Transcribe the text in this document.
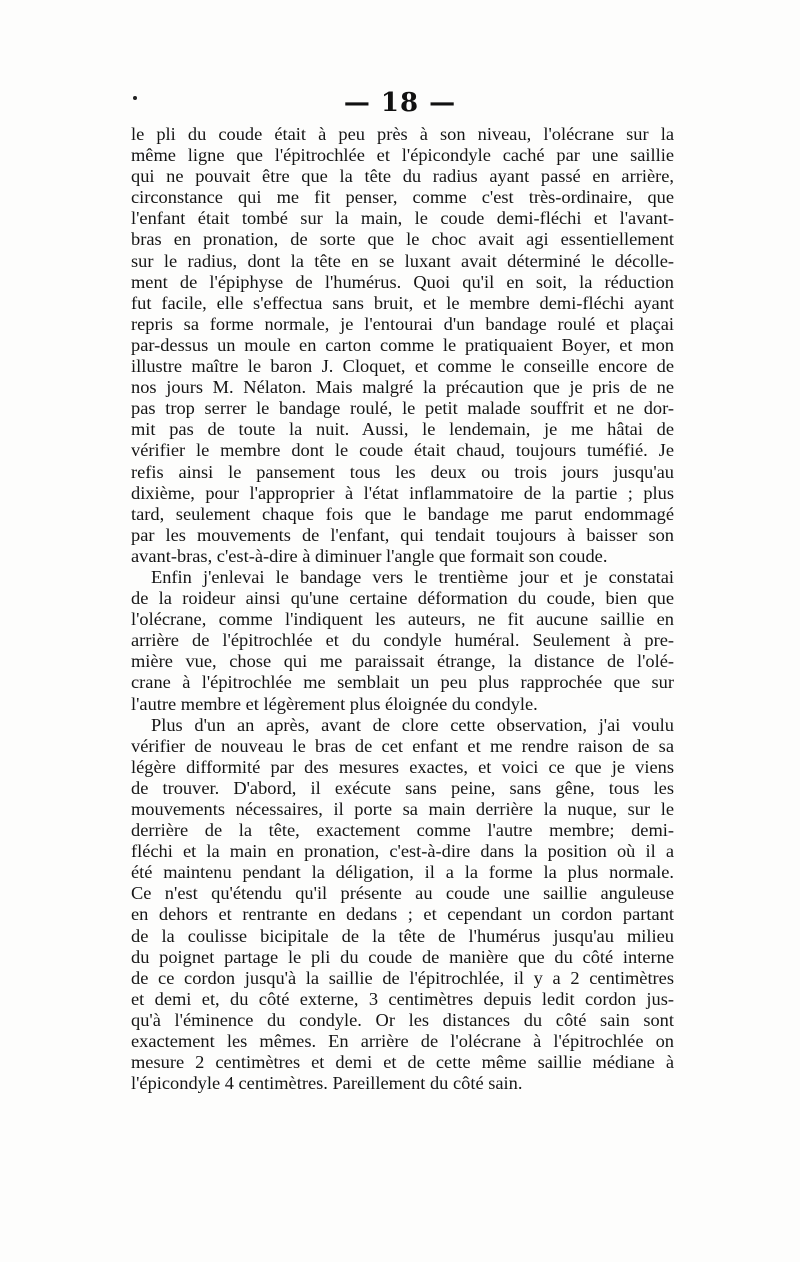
— 18 —
le pli du coude était à peu près à son niveau, l'olécrane sur la
même ligne que l'épitrochlée et l'épicondyle caché par une saillie
qui ne pouvait être que la tête du radius ayant passé en arrière,
circonstance qui me fit penser, comme c'est très-ordinaire, que
l'enfant était tombé sur la main, le coude demi-fléchi et l'avant-
bras en pronation, de sorte que le choc avait agi essentiellement
sur le radius, dont la tête en se luxant avait déterminé le décolle-
ment de l'épiphyse de l'humérus. Quoi qu'il en soit, la réduction
fut facile, elle s'effectua sans bruit, et le membre demi-fléchi ayant
repris sa forme normale, je l'entourai d'un bandage roulé et plaçai
par-dessus un moule en carton comme le pratiquaient Boyer, et mon
illustre maître le baron J. Cloquet, et comme le conseille encore de
nos jours M. Nélaton. Mais malgré la précaution que je pris de ne
pas trop serrer le bandage roulé, le petit malade souffrit et ne dor-
mit pas de toute la nuit. Aussi, le lendemain, je me hâtai de
vérifier le membre dont le coude était chaud, toujours tuméfié. Je
refis ainsi le pansement tous les deux ou trois jours jusqu'au
dixième, pour l'approprier à l'état inflammatoire de la partie ; plus
tard, seulement chaque fois que le bandage me parut endommagé
par les mouvements de l'enfant, qui tendait toujours à baisser son
avant-bras, c'est-à-dire à diminuer l'angle que formait son coude.
Enfin j'enlevai le bandage vers le trentième jour et je constatai
de la roideur ainsi qu'une certaine déformation du coude, bien que
l'olécrane, comme l'indiquent les auteurs, ne fit aucune saillie en
arrière de l'épitrochlée et du condyle huméral. Seulement à pre-
mière vue, chose qui me paraissait étrange, la distance de l'olé-
crane à l'épitrochlée me semblait un peu plus rapprochée que sur
l'autre membre et légèrement plus éloignée du condyle.
Plus d'un an après, avant de clore cette observation, j'ai voulu
vérifier de nouveau le bras de cet enfant et me rendre raison de sa
légère difformité par des mesures exactes, et voici ce que je viens
de trouver. D'abord, il exécute sans peine, sans gêne, tous les
mouvements nécessaires, il porte sa main derrière la nuque, sur le
derrière de la tête, exactement comme l'autre membre; demi-
fléchi et la main en pronation, c'est-à-dire dans la position où il a
été maintenu pendant la déligation, il a la forme la plus normale.
Ce n'est qu'étendu qu'il présente au coude une saillie anguleuse
en dehors et rentrante en dedans ; et cependant un cordon partant
de la coulisse bicipitale de la tête de l'humérus jusqu'au milieu
du poignet partage le pli du coude de manière que du côté interne
de ce cordon jusqu'à la saillie de l'épitrochlée, il y a 2 centimètres
et demi et, du côté externe, 3 centimètres depuis ledit cordon jus-
qu'à l'éminence du condyle. Or les distances du côté sain sont
exactement les mêmes. En arrière de l'olécrane à l'épitrochlée on
mesure 2 centimètres et demi et de cette même saillie médiane à
l'épicondyle 4 centimètres. Pareillement du côté sain.
